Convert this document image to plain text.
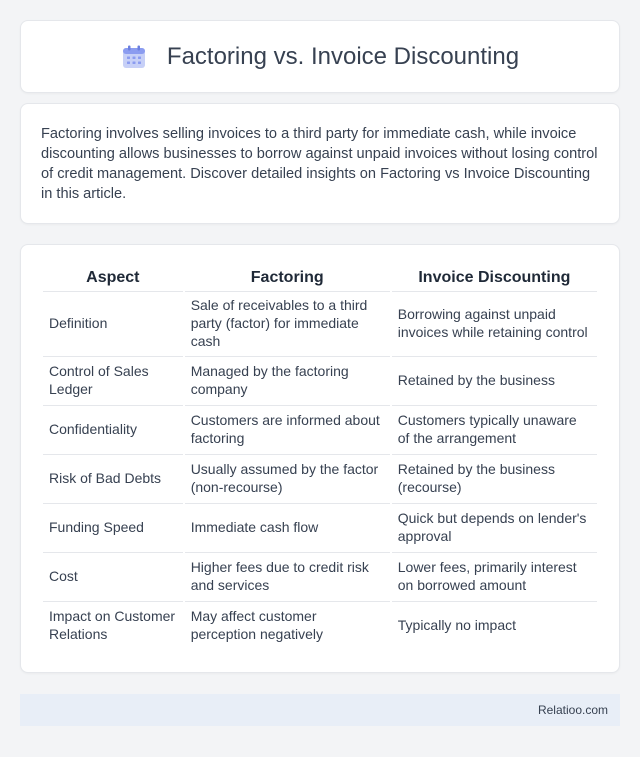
Factoring vs. Invoice Discounting

Factoring involves selling invoices to a third party for immediate cash, while invoice discounting allows businesses to borrow against unpaid invoices without losing control of credit management. Discover detailed insights on Factoring vs Invoice Discounting in this article.

Aspect	Factoring	Invoice Discounting
Definition	Sale of receivables to a third party (factor) for immediate cash	Borrowing against unpaid invoices while retaining control
Control of Sales Ledger	Managed by the factoring company	Retained by the business
Confidentiality	Customers are informed about factoring	Customers typically unaware of the arrangement
Risk of Bad Debts	Usually assumed by the factor (non-recourse)	Retained by the business (recourse)
Funding Speed	Immediate cash flow	Quick but depends on lender's approval
Cost	Higher fees due to credit risk and services	Lower fees, primarily interest on borrowed amount
Impact on Customer Relations	May affect customer perception negatively	Typically no impact
Relatioo.com
